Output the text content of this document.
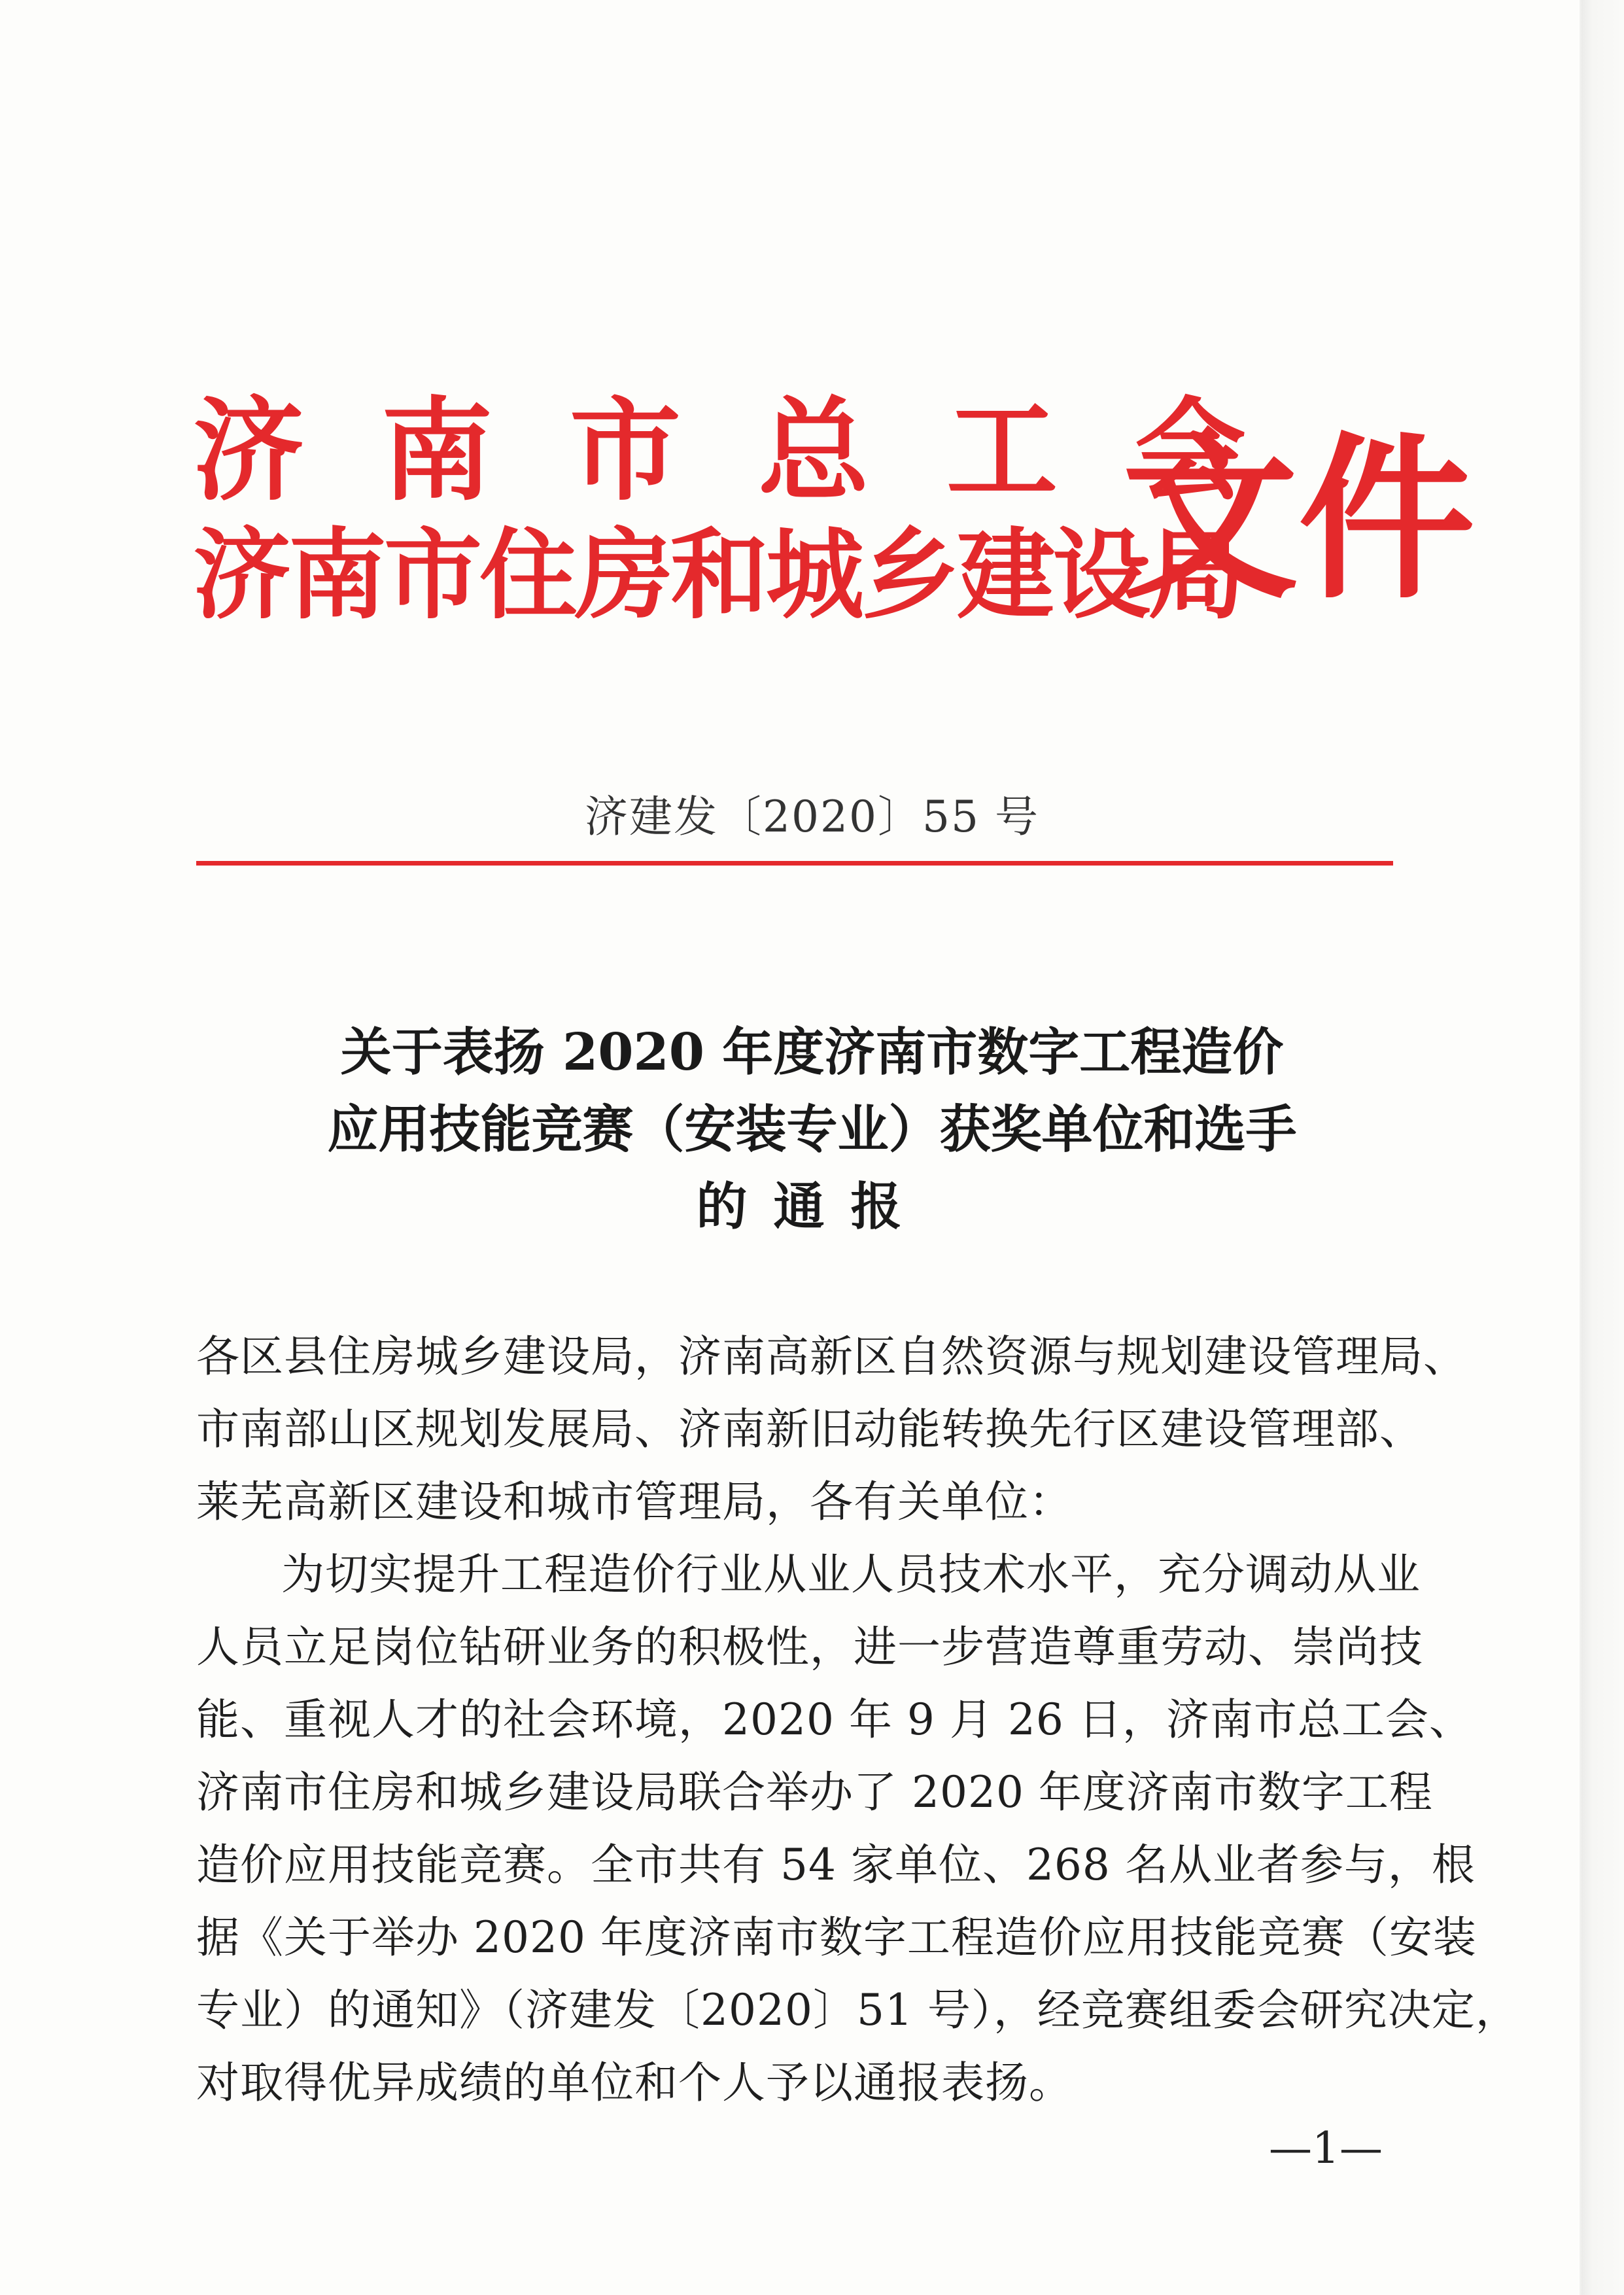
济南市总工会
济南市住房和城乡建设局
文件
济建发〔2020〕55 号
关于表扬 2020 年度济南市数字工程造价
应用技能竞赛（安装专业）获奖单位和选手
的通报
各区县住房城乡建设局，济南高新区自然资源与规划建设管理局、
市南部山区规划发展局、济南新旧动能转换先行区建设管理部、
莱芜高新区建设和城市管理局，各有关单位：
为切实提升工程造价行业从业人员技术水平，充分调动从业
人员立足岗位钻研业务的积极性，进一步营造尊重劳动、崇尚技
能、重视人才的社会环境，2020 年 9 月 26 日，济南市总工会、
济南市住房和城乡建设局联合举办了 2020 年度济南市数字工程
造价应用技能竞赛。全市共有 54 家单位、268 名从业者参与，根
据《关于举办 2020 年度济南市数字工程造价应用技能竞赛（安装
专业）的通知》（济建发〔2020〕51 号），经竞赛组委会研究决定，
对取得优异成绩的单位和个人予以通报表扬。
—1—
